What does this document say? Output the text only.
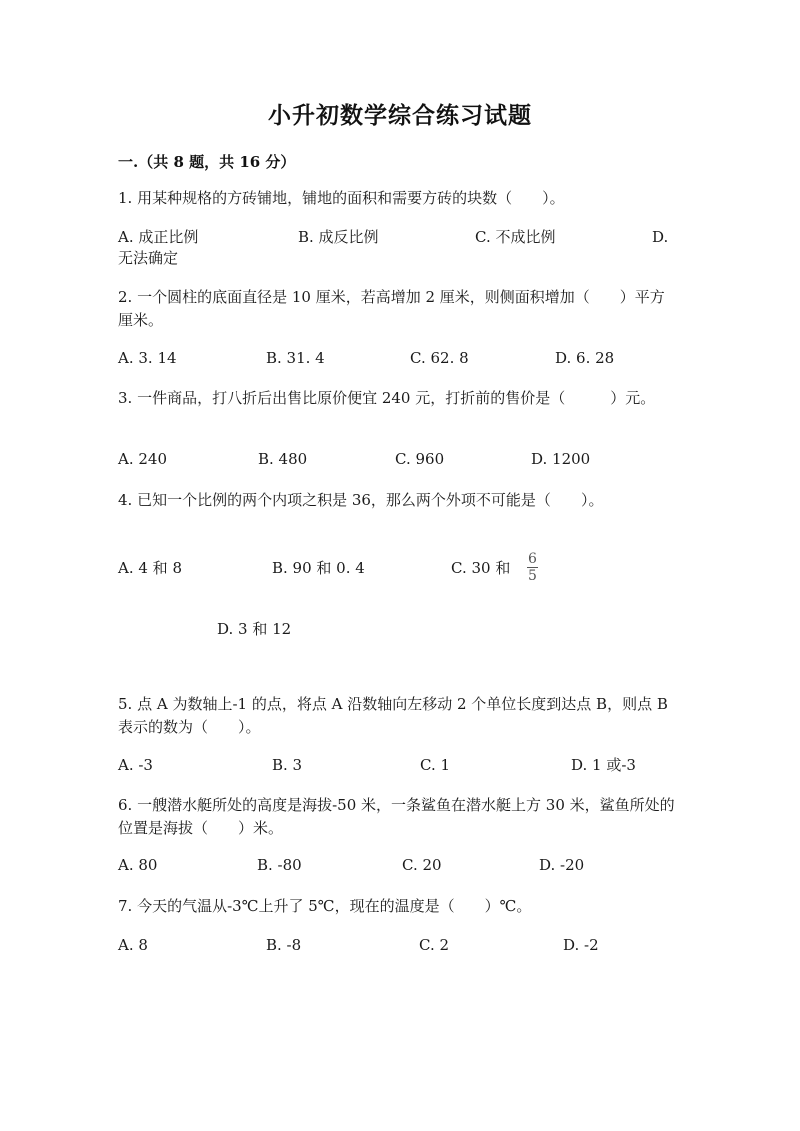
小升初数学综合练习试题
一.（共 8 题，共 16 分）
1. 用某种规格的方砖铺地，铺地的面积和需要方砖的块数（　　）。
A. 成正比例	B. 成反比例	C. 不成比例	D.
无法确定
2. 一个圆柱的底面直径是 10 厘米，若高增加 2 厘米，则侧面积增加（　　）平方厘米。
A. 3. 14	B. 31. 4	C. 62. 8	D. 6. 28
3. 一件商品，打八折后出售比原价便宜 240 元，打折前的售价是（　　　）元。
A. 240	B. 480	C. 960	D. 1200
4. 已知一个比例的两个内项之积是 36，那么两个外项不可能是（　　）。
A. 4 和 8	B. 90 和 0. 4	C. 30 和 6
5
D. 3 和 12
5. 点 A 为数轴上-1 的点，将点 A 沿数轴向左移动 2 个单位长度到达点 B，则点 B 表示的数为（　　）。
A. -3	B. 3	C. 1	D. 1 或-3
6. 一艘潜水艇所处的高度是海拔-50 米，一条鲨鱼在潜水艇上方 30 米，鲨鱼所处的位置是海拔（　　）米。
A. 80	B. -80	C. 20	D. -20
7. 今天的气温从-3℃上升了 5℃，现在的温度是（　　）℃。
A. 8	B. -8	C. 2	D. -2
